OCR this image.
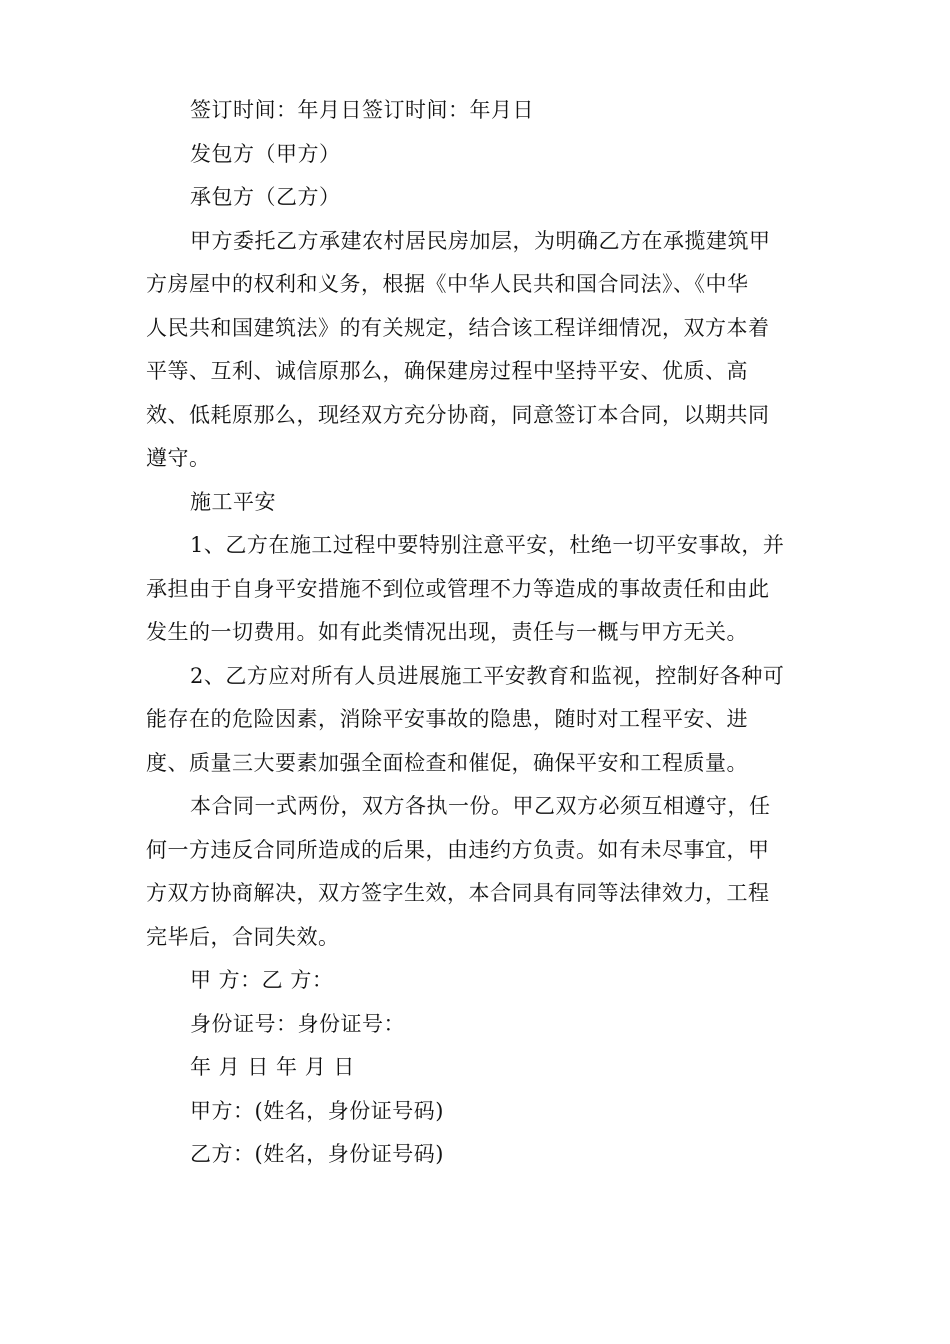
签订时间：年月日签订时间：年月日
发包方（甲方）
承包方（乙方）
甲方委托乙方承建农村居民房加层，为明确乙方在承揽建筑甲
方房屋中的权利和义务，根据《中华人民共和国合同法》、《中华
人民共和国建筑法》的有关规定，结合该工程详细情况，双方本着
平等、互利、诚信原那么，确保建房过程中坚持平安、优质、高
效、低耗原那么，现经双方充分协商，同意签订本合同，以期共同
遵守。
施工平安
1、乙方在施工过程中要特别注意平安，杜绝一切平安事故，并
承担由于自身平安措施不到位或管理不力等造成的事故责任和由此
发生的一切费用。如有此类情况出现，责任与一概与甲方无关。
2、乙方应对所有人员进展施工平安教育和监视，控制好各种可
能存在的危险因素，消除平安事故的隐患，随时对工程平安、进
度、质量三大要素加强全面检查和催促，确保平安和工程质量。
本合同一式两份，双方各执一份。甲乙双方必须互相遵守，任
何一方违反合同所造成的后果，由违约方负责。如有未尽事宜，甲
方双方协商解决，双方签字生效，本合同具有同等法律效力，工程
完毕后，合同失效。
甲 方：乙 方：
身份证号：身份证号：
年 月 日 年 月 日
甲方：(姓名，身份证号码)
乙方：(姓名，身份证号码)
